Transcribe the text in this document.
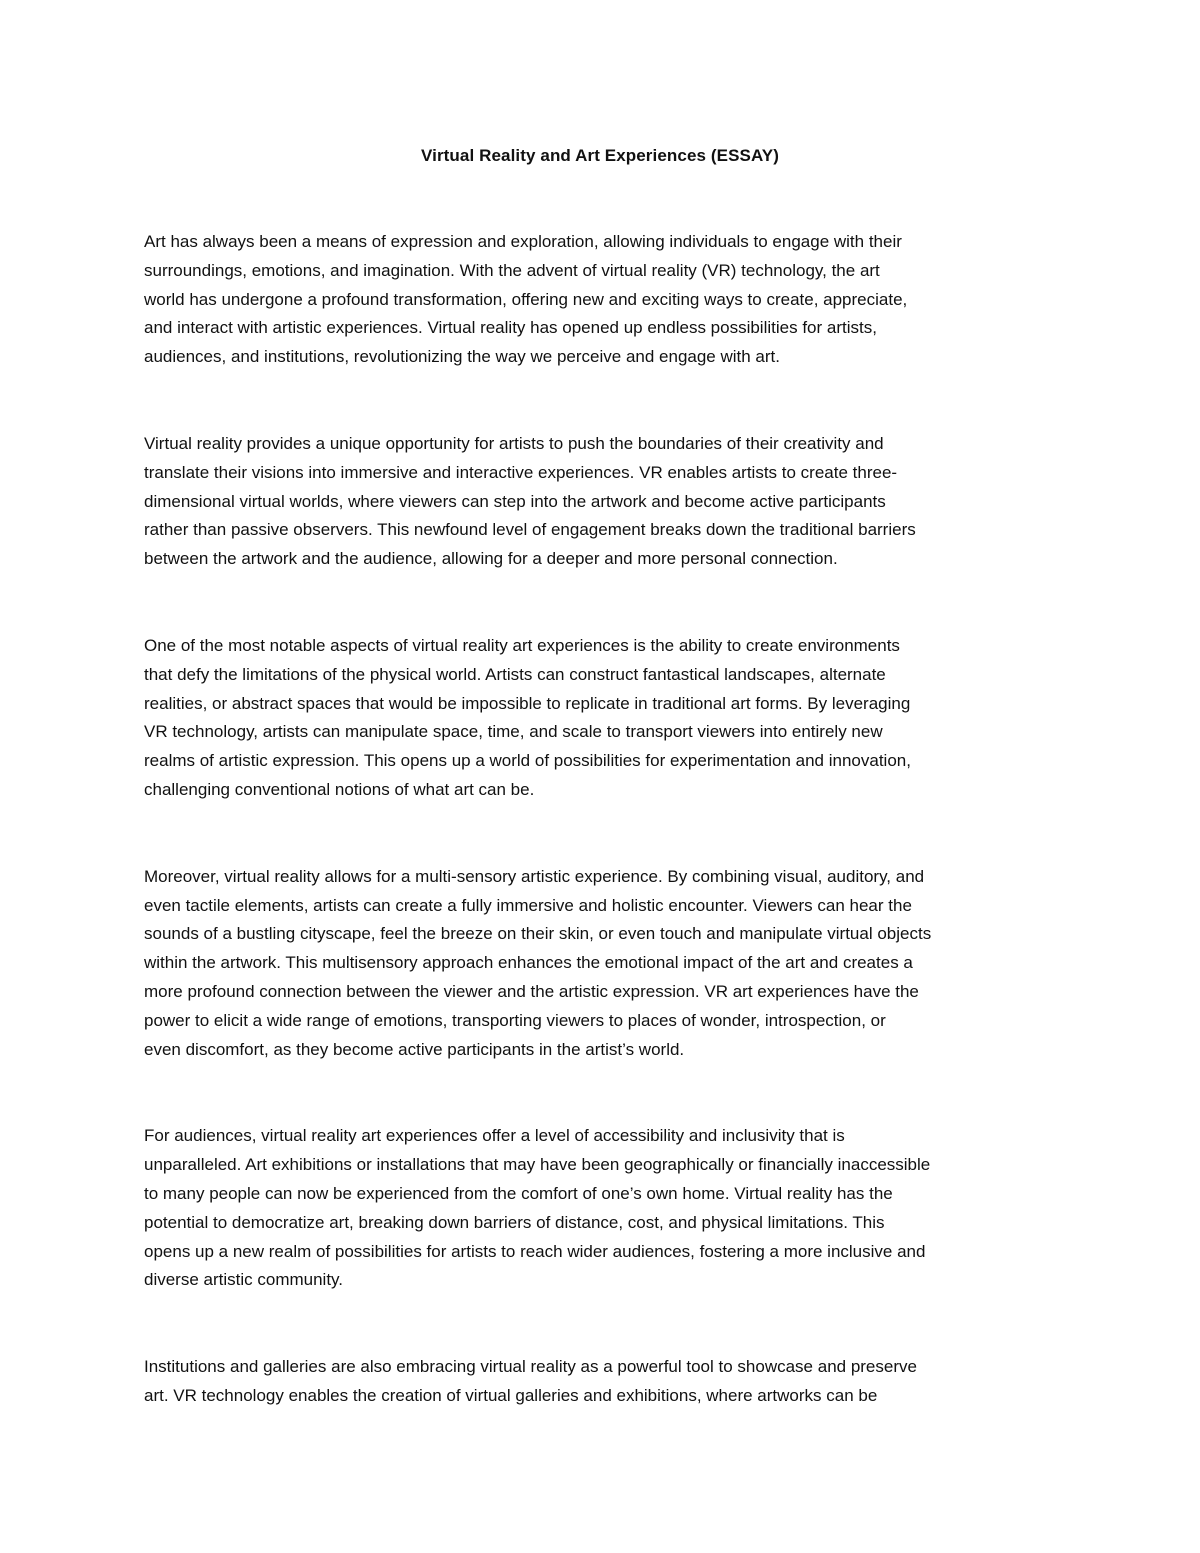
Virtual Reality and Art Experiences (ESSAY)

Art has always been a means of expression and exploration, allowing individuals to engage with their
surroundings, emotions, and imagination. With the advent of virtual reality (VR) technology, the art
world has undergone a profound transformation, offering new and exciting ways to create, appreciate,
and interact with artistic experiences. Virtual reality has opened up endless possibilities for artists,
audiences, and institutions, revolutionizing the way we perceive and engage with art.

Virtual reality provides a unique opportunity for artists to push the boundaries of their creativity and
translate their visions into immersive and interactive experiences. VR enables artists to create three-
dimensional virtual worlds, where viewers can step into the artwork and become active participants
rather than passive observers. This newfound level of engagement breaks down the traditional barriers
between the artwork and the audience, allowing for a deeper and more personal connection.

One of the most notable aspects of virtual reality art experiences is the ability to create environments
that defy the limitations of the physical world. Artists can construct fantastical landscapes, alternate
realities, or abstract spaces that would be impossible to replicate in traditional art forms. By leveraging
VR technology, artists can manipulate space, time, and scale to transport viewers into entirely new
realms of artistic expression. This opens up a world of possibilities for experimentation and innovation,
challenging conventional notions of what art can be.

Moreover, virtual reality allows for a multi-sensory artistic experience. By combining visual, auditory, and
even tactile elements, artists can create a fully immersive and holistic encounter. Viewers can hear the
sounds of a bustling cityscape, feel the breeze on their skin, or even touch and manipulate virtual objects
within the artwork. This multisensory approach enhances the emotional impact of the art and creates a
more profound connection between the viewer and the artistic expression. VR art experiences have the
power to elicit a wide range of emotions, transporting viewers to places of wonder, introspection, or
even discomfort, as they become active participants in the artist’s world.

For audiences, virtual reality art experiences offer a level of accessibility and inclusivity that is
unparalleled. Art exhibitions or installations that may have been geographically or financially inaccessible
to many people can now be experienced from the comfort of one’s own home. Virtual reality has the
potential to democratize art, breaking down barriers of distance, cost, and physical limitations. This
opens up a new realm of possibilities for artists to reach wider audiences, fostering a more inclusive and
diverse artistic community.

Institutions and galleries are also embracing virtual reality as a powerful tool to showcase and preserve
art. VR technology enables the creation of virtual galleries and exhibitions, where artworks can be
